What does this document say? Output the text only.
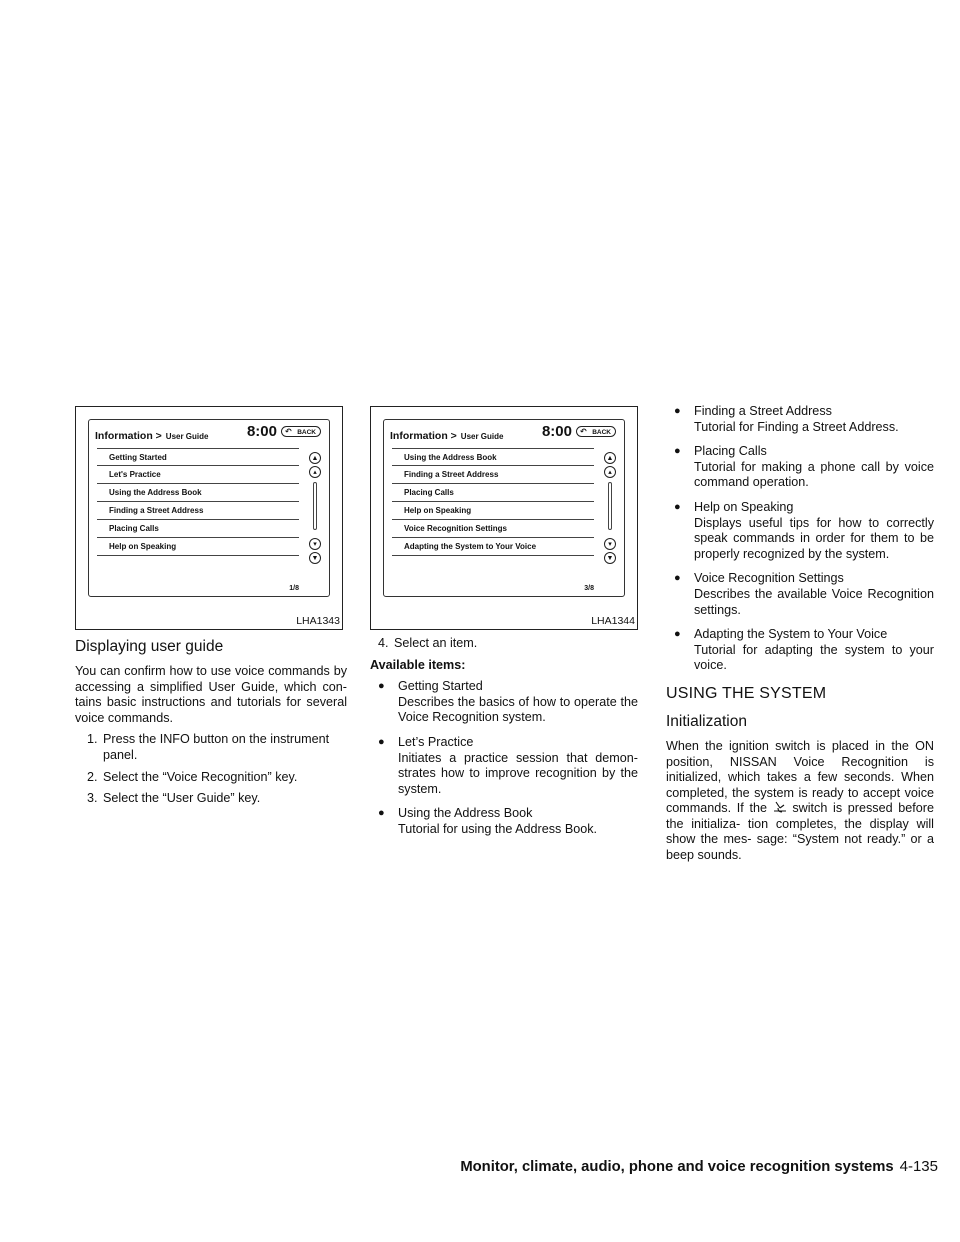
Information > User Guide	8:00	↶ BACK
Getting Started
Let's Practice
Using the Address Book
Finding a Street Address
Placing Calls
Help on Speaking
▲
▴
▾
▼
1/8
LHA1343
Information > User Guide	8:00	↶ BACK
Using the Address Book
Finding a Street Address
Placing Calls
Help on Speaking
Voice Recognition Settings
Adapting the System to Your Voice
▲
▴
▾
▼
3/8
LHA1344
Displaying user guide

You can confirm how to use voice commands by accessing a simplified User Guide, which con- tains basic instructions and tutorials for several voice commands.

1. Press the INFO button on the instrument panel.
2. Select the “Voice Recognition” key.
3. Select the “User Guide” key.
4. Select an item.

Available items:

● Getting Started

Describes the basics of how to operate the Voice Recognition system.

● Let’s Practice

Initiates a practice session that demon- strates how to improve recognition by the system.

● Using the Address Book

Tutorial for using the Address Book.

● Finding a Street Address

Tutorial for Finding a Street Address.

● Placing Calls

Tutorial for making a phone call by voice command operation.

● Help on Speaking

Displays useful tips for how to correctly speak commands in order for them to be properly recognized by the system.

● Voice Recognition Settings

Describes the available Voice Recognition settings.

● Adapting the System to Your Voice

Tutorial for adapting the system to your voice.

USING THE SYSTEM
Initialization

When the ignition switch is placed in the ON position, NISSAN Voice Recognition is initialized, which takes a few seconds. When completed, the system is ready to accept voice commands. If the switch is pressed before the initializa- tion completes, the display will show the mes- sage: “System not ready.” or a beep sounds.

Monitor, climate, audio, phone and voice recognition systems 4-135
